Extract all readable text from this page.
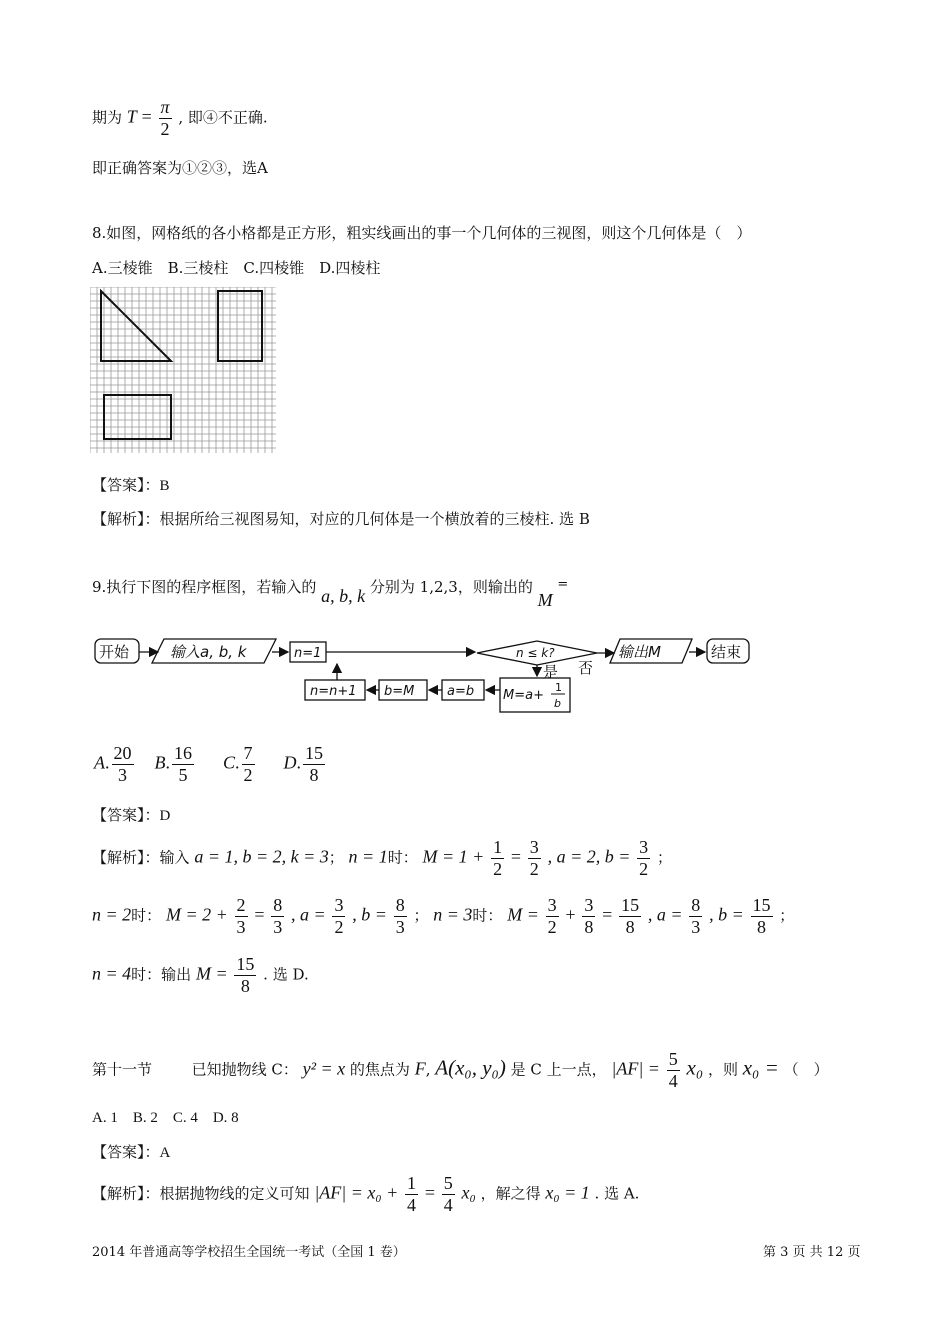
期为 $T = \frac{\pi}{2}$ , 即④不正确.
即正确答案为①②③，选A
8.如图，网格纸的各小格都是正方形，粗实线画出的事一个几何体的三视图，则这个几何体是（　）
A.三棱锥　B.三棱柱　C.四棱锥　D.四棱柱
【答案】：B
【解析】：根据所给三视图易知，对应的几何体是一个横放着的三棱柱. 选 B
9.执行下图的程序框图，若输入的 a, b, k 分别为 1,2,3，则输出的 M =
开始	输入a, b, k	n=1	n ≤ k?
是 否
输出M	结束
n=n+1 b=M	a=b M=a+
1
b
A. $\frac{20}{3} B$. $\frac{16}{5} C$. $\frac{7}{2} D$. $\frac{15}{8}$
【答案】：D
【解析】：输入 a = 1, b = 2, k = 3； n = 1时： $M = 1 + \frac{1}{2} = \frac{3}{2}$ , a = 2, $b = \frac{3}{2}$ ；
n = 2时： $M = 2 + \frac{2}{3} = \frac{8}{3}$ , $a = \frac{3}{2}$ , $b = \frac{8}{3}$ ； n = 3时： $M = \frac{3}{2} + \frac{3}{8} = \frac{15}{8}$ , $a = \frac{8}{3}$ , $b = \frac{15}{8}$ ；
n = 4时：输出 $M = \frac{15}{8}$ . 选 D.
第十一节	已知抛物线 C： y² = x 的焦点为 F, A(x₀, y₀) 是 C 上一点， $|AF| = \frac{5}{4} x_0$ ，则 x₀ = （　）
A. 1　B. 2　C. 4　D. 8
【答案】：A
【解析】：根据抛物线的定义可知 $|AF| = x_0 + \frac{1}{4} = \frac{5}{4} x_0$ ，解之得 x₀ = 1 . 选 A.
2014 年普通高等学校招生全国统一考试（全国 1 卷）	第 3 页 共 12 页
